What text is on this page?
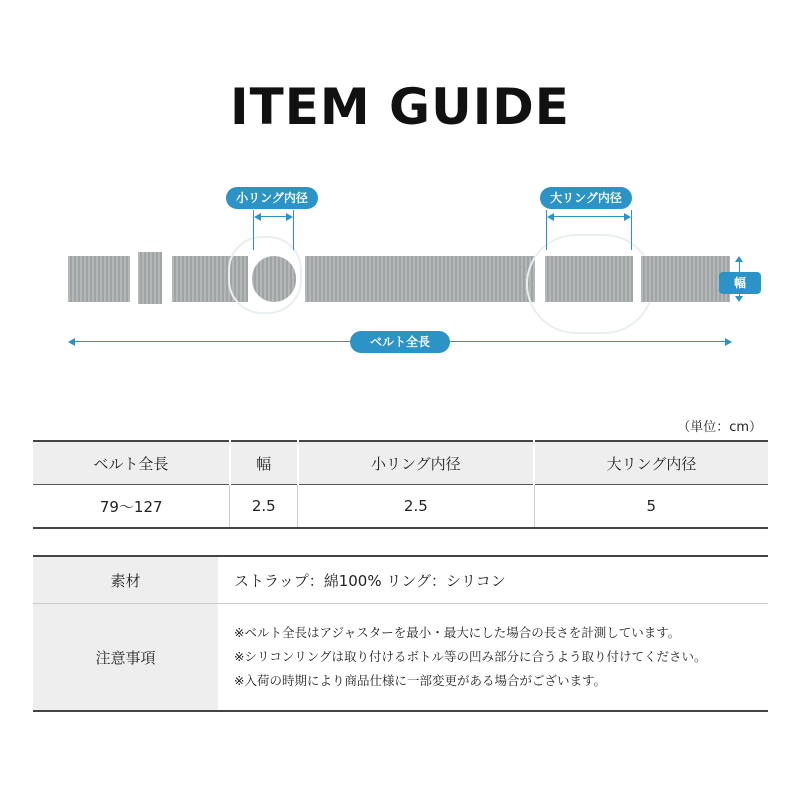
ITEM GUIDE
小リング内径	大リング内径
幅
ベルト全長
（単位：cm）
ベルト全長	幅	小リング内径	大リング内径
79〜127	2.5	2.5	5
素材	ストラップ：綿100% リング：シリコン
注意事項	※ベルト全長はアジャスターを最小・最大にした場合の長さを計測しています。
※シリコンリングは取り付けるボトル等の凹み部分に合うよう取り付けてください。
※入荷の時期により商品仕様に一部変更がある場合がございます。
